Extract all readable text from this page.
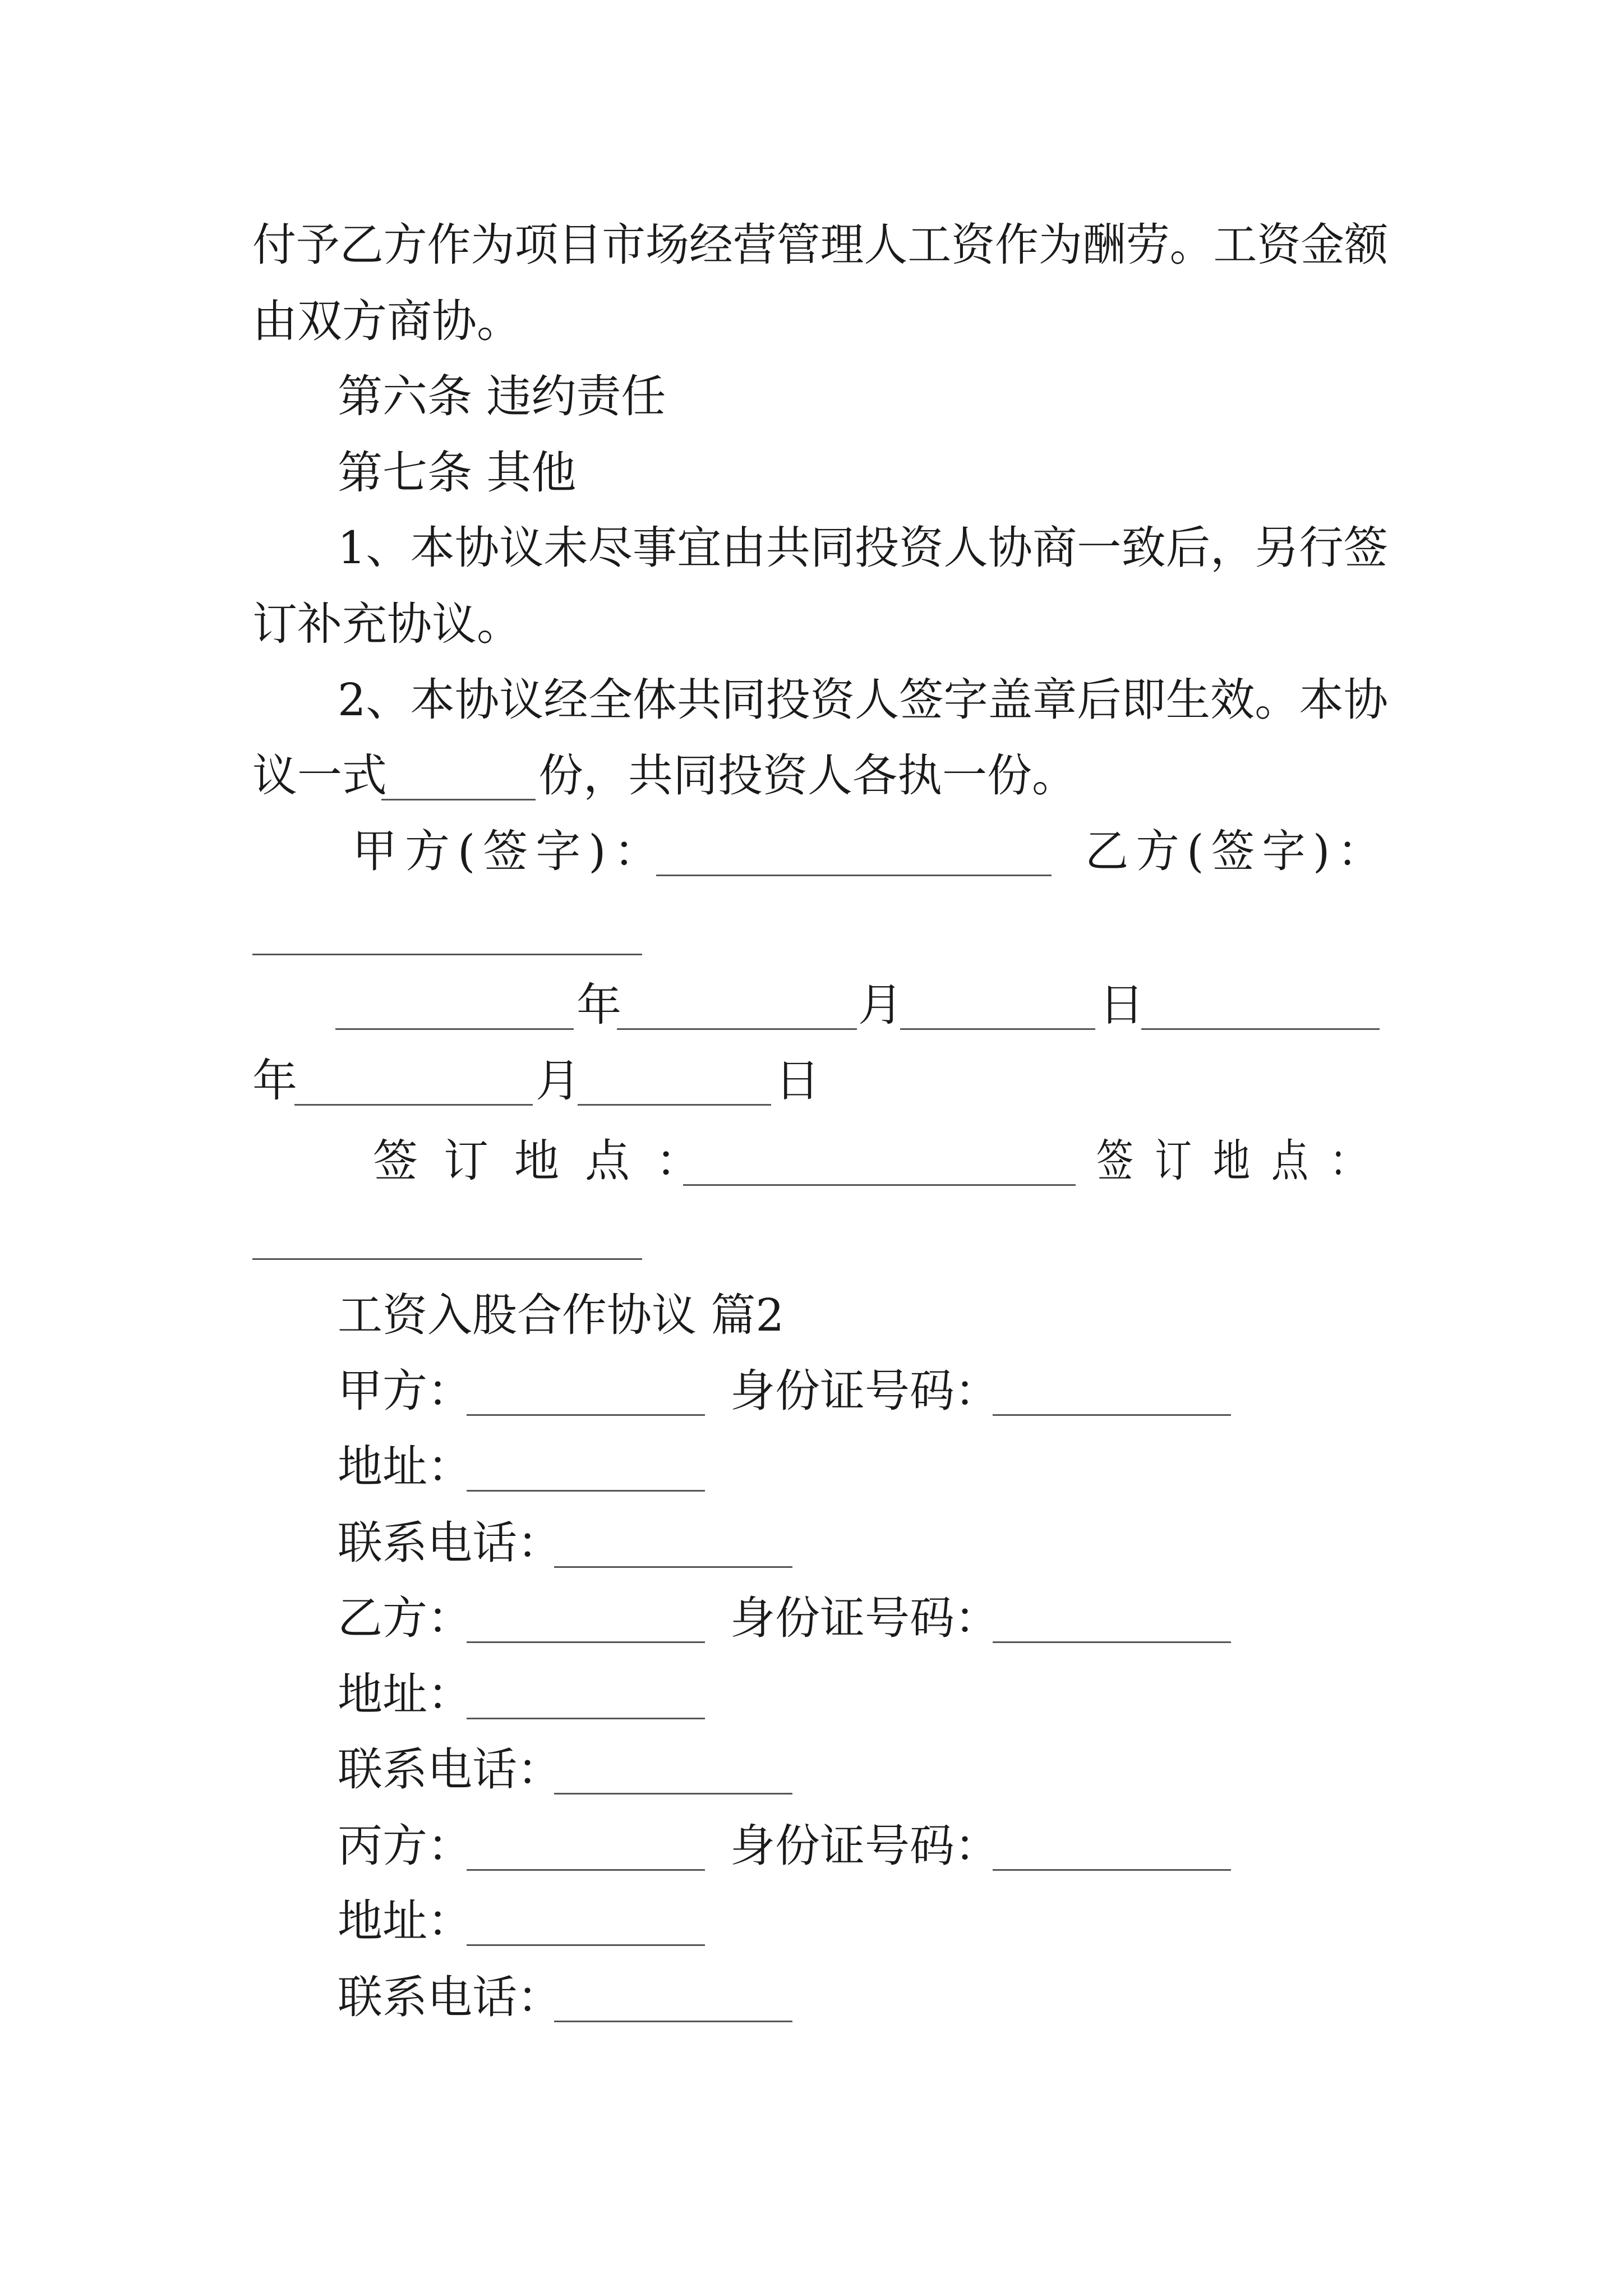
付予乙方作为项目市场经营管理人工资作为酬劳。工资金额
由双方商协。
第六条 违约责任
第七条 其他
1、本协议未尽事宜由共同投资人协商一致后，另行签
订补充协议。
2、本协议经全体共同投资人签字盖章后即生效。本协
议一式	份，共同投资人各执一份。
甲方(签字)：	乙方(签字)：
年	月	日
年	月	日
签订地点：	签订地点：
工资入股合作协议 篇2
甲方：	身份证号码：
地址：
联系电话：
乙方：	身份证号码：
地址：
联系电话：
丙方：	身份证号码：
地址：
联系电话：
